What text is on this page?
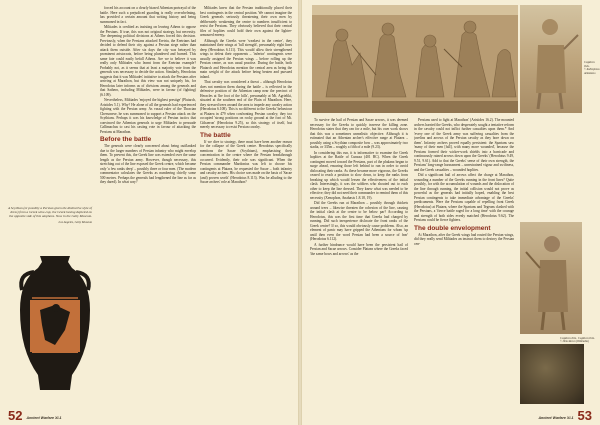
A Scythian (or possibly a Persian given the distinctive style of dress) from a Greek wine-cup, the Greek having depicted on the opposite side of this amphora. Now in the Getty Museum.
Los Angeles, Getty Museum

forced his account on a clearly biased Athenian portrayal of the battle. Here such a prejudiced guarding is really overwhelming, has provided a certain amount that writing history and being summoned in fact.

Miltiades is credited as insisting on leaving Athens to oppose the Persians. If true, this was not original strategy, but necessity. The deepening political divisions at Athens forced this decision. Previously, when the Persians attacked Eretria, the Eretrians had decided to defend their city against a Persian siege rather than attack them outside. After six days the city was betrayed by prominent aristocrats, before being plundered and burned. This same fate could easily befall Athens. Are we to believe it was really only Miltiades who learnt from the Eretrian example? Probably not, as it seems that at least a majority vote from the generals was necessary to decide the action. Similarly, Herodotus suggests that it was Miltiades' initiative to attack the Persians after arriving at Marathon, but this view was not uniquely his, for Herodotus later informs us of divisions among the generals and that Sathero, including Miltiades, were in favour (of fighting) (6.109).

Nevertheless, Miltiades 'enjoyed the highest prestige' (Plutarch, Aristides 5.1). Why? He alone of all the generals had experienced fighting with the Persian army. As vassal ruler of the Thracian Chersonese, he was summoned to support a Persian attack on the Scythians. Perhaps it was his knowledge of Persian tactics that convinced the Athenian generals to urge Miltiades to persuade Callimachus to cast his casting vote in favour of attacking the Persians at Marathon.

Before the battle

The generals were clearly concerned about being outflanked due to the larger numbers of Persian infantry who might envelop them. To prevent this, the Greek line was extended over the same length as the Persian army. However, though necessary, this stretching out of the line exposed the Greek centre, which became only 'a few ranks deep' – possibly three or four men. (The modern commentator calculates the Greeks as numbering chiefly some 500 metres. Perhaps the generals had lengthened the line as far as they dared). In what way?

Miltiades knew that the Persian traditionally placed their best contingents in the central position. We cannot imagine the Greek generals seriously threatening their own men by deliberately weakening the centre to numbers insufficient to resist the Persians. They obviously believed that their central files of hoplites could hold their own against the lighter-armoured enemy.

Although the Greeks were 'weakest in the centre', they maintained their wings at 'full strength', presumably eight lines deep (Herodotus 6.111). This would allow their strengthened wings to defeat their opponents – 'inferior' contingents were usually assigned the Persian wings – before rolling up the Persian centre, as was usual practise. During the battle, both Plutarch and Herodotus mention the central area as being the main weight of the attack before being beaten and pursued inland.

That cavalry was considered a threat – although Herodotus does not mention them during the battle – is reflected in the defensive position of the Athenian camp near the precinct of Heracles at 'the foot of the hills', presumably at Mt. Agrieliki, situated at the southern end of the Plain of Marathon. Here, they stressed trees around the area to impede any cavalry action (Herodotus 6.108). This is no different to the Greeks' behaviour at Plataea in 479 when confronting Persian cavalry; they too occupied 'strong positions on rocky ground at the foot of Mt. Cithaeron' (Herodotus 9.25), so this strategy of itself, but merely necessary to resist Persian cavalry.

The battle

If we dive to strategy, there must have been another reason for the collapse of the Greek centre. Herodotus specifically mentions the Sacae (Scythians), emphasising their concentration in the centre where the Persian breakthrough occurred. Evidently, their role was significant. When the Persian commander Mardonius was left to choose his contingents at Plataea, he requested the Sacae – both infantry and cavalry archers. His choice was made on the basis of 'Sacae (and) proven worth' (Herodotus 8.113). Was he alluding to the Sacae archers' role at Marathon?

52 Ancient Warfare XI-1
Caption this.
© Kalliopimou Ambalatou
Caption this. Caption this.
© Dimo Rocco (Wikimedia)

To survive the hail of Persian and Sacae arrows, it was deemed necessary for the Greeks to quickly traverse the killing zone. Herodotus states that they ran for a mile, but his own work shows that this was a sometimes unrealistic objective. Although it is estimated that an Athenian archer's effective range at Plataea – possibly using a Scythian composite bow – was approximately two stadia, or 335m – roughly a fifth of a mile (9.23).

In considering this run, it is informative to examine the Greek hoplites at the Battle of Cunaxa (401 BC). When the Greek contingent moved toward the Persians, part of the phalanx began to surge ahead, ensuring those left behind to run in order to avoid dislocating their ranks. As these became more vigorous, the Greeks ceased to reach a position to slow down, to keep the ranks from breaking up which would lessen the effectiveness of the initial clash. Interestingly, it was the soldiers who shouted out to each other to keep the line dressed. They knew what was needed to be effective; they did not need their commander to remind them of this necessity (Xenophon, Anabasis 1.8.18, 19).

Did the Greeks run at Marathon – possibly through thickets around trees – likewise threaten the cohesion of the line, causing the initial clash at the centre to be below par? According to Herodotus, this was the first time that Greeks had charged by running. Did such inexperience dislocate the front ranks of the Greek centre? If so, this would obviously cause problems. Also, an element of panic may have gripped the Athenians for whom 'up until then even the word Persian had been a source of fear' (Herodotus 6.112).

A further hindrance would have been the persistent hail of Persian and Sacae arrows. Consider Plataea where the Greeks faced 'the same bows and arrows' as the

Persians used to fight at Marathon' (Aristides 16.2). The mounted archers harried the Greeks, who desperately sought a tentative reform in the cavalry could not inflict further casualties upon them.* And 'every one of the Greek army was suffering casualties from the javelins and arrows of the Persian cavalry as they bore down on them'. Infantry archers proved equally persistent: the Spartans saw 'many of their men [fall], with many more wounded', because the Persians formed their wicker-work shields into a barricade and continuously rained arrows down upon the Greeks' (Herodotus 9.49, 9.51, 9.61). Add to that the Greeks' sense of their own strength, the Persians' long-range harassment – unrestrained vigour and swiftness, and the Greek casualties – wounded hoplites.

Did a significant hail of arrows affect the charge at Marathon, wounding a number of the Greeks running in the front lines? Quite possibly, for with the accumulation of wounds and the dislocation of the line through running, the initial collision would not prove as powerful as the generals had initially hoped, enabling the best Persian contingents to take immediate advantage of the Greeks' predicaments. Were the Persians capable of repelling front Greek (Herodotus) at Plataea, where the Spartans and Tegeans clashed with the Persians, a 'fierce battle raged for a long time' with the courage and strength of both sides evenly matched (Herodotus 9.62). The Persians could be fierce fighters.

The double envelopment

At Marathon, after the Greek wings had routed the Persian wings, did they really send Miltiades an instruct them to destroy the Persian cen-

Ancient Warfare XI-1 53
